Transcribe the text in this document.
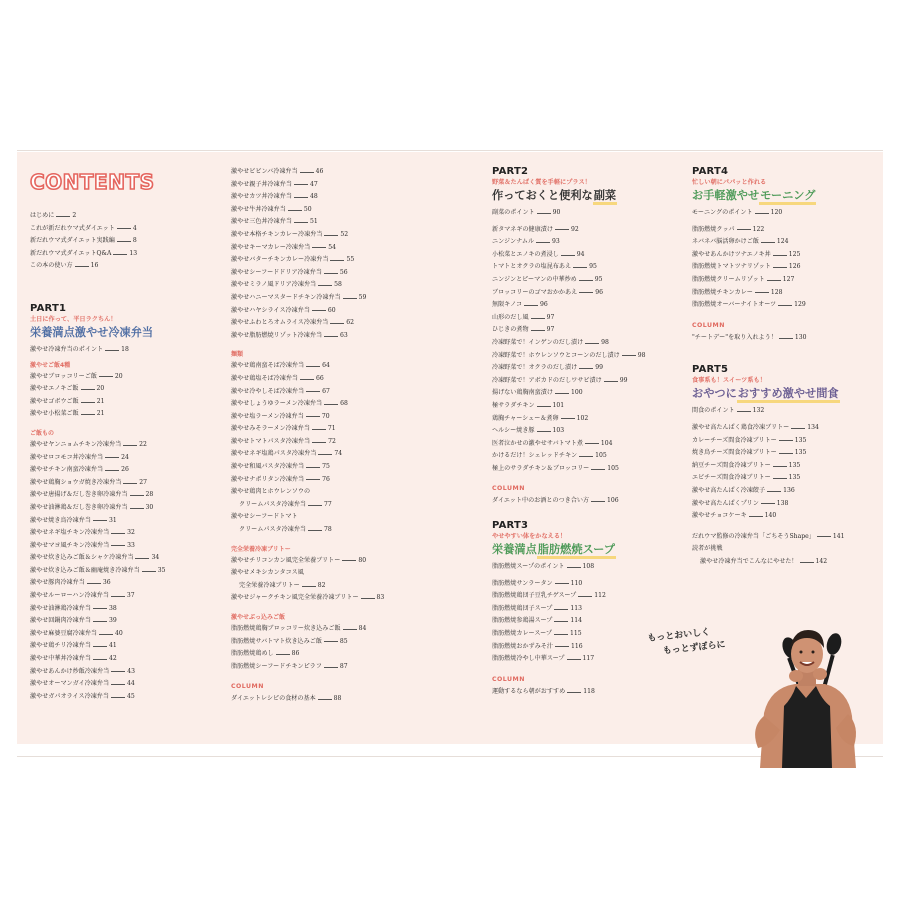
CONTENTS
はじめに	2
これが新だれウマ式ダイエット	4
新だれウマ式ダイエット実践編	8
新だれウマ式ダイエットQ&A	13
この本の使い方	16
PART1
土日に作って、平日ラクちん！
栄養満点激やせ冷凍弁当
激やせ冷凍弁当のポイント	18
激やせご飯4種
激やせブロッコリーご飯	20
激やせエノキご飯	20
激やせゴボウご飯	21
激やせ小松菜ご飯	21
ご飯もの
激やせヤンニョムチキン冷凍弁当	22
激やせロコモコ丼冷凍弁当	24
激やせチキン南蛮冷凍弁当	26
激やせ鶏胸ショウガ焼き冷凍弁当	27
激やせ唐揚げ＆だし巻き卵冷凍弁当	28
激やせ油淋鶏＆だし巻き卵冷凍弁当	30
激やせ焼き鳥冷凍弁当	31
激やせネギ塩チキン冷凍弁当	32
激やせマヨ風チキン冷凍弁当	33
激やせ炊き込みご飯＆シャケ冷凍弁当	34
激やせ炊き込みご飯＆幽庵焼き冷凍弁当	35
激やせ豚肉冷凍弁当	36
激やせルーローハン冷凍弁当	37
激やせ油淋鶏冷凍弁当	38
激やせ回鍋肉冷凍弁当	39
激やせ麻婆豆腐冷凍弁当	40
激やせ鶏チリ冷凍弁当	41
激やせ中華丼冷凍弁当	42
激やせあんかけ炒飯冷凍弁当	43
激やせオーマンガイ冷凍弁当	44
激やせガパオライス冷凍弁当	45
激やせビビンバ冷凍弁当	46
激やせ親子丼冷凍弁当	47
激やせカツ丼冷凍弁当	48
激やせ牛丼冷凍弁当	50
激やせ三色丼冷凍弁当	51
激やせ本格チキンカレー冷凍弁当	52
激やせキーマカレー冷凍弁当	54
激やせバターチキンカレー冷凍弁当	55
激やせシーフードドリア冷凍弁当	56
激やせミラノ風ドリア冷凍弁当	58
激やせハニーマスタードチキン冷凍弁当	59
激やせハヤシライス冷凍弁当	60
激やせふわとろオムライス冷凍弁当	62
激やせ脂肪燃焼リゾット冷凍弁当	63
麺類
激やせ鶏南蛮そば冷凍弁当	64
激やせ鶏塩そば冷凍弁当	66
激やせ冷やしそば冷凍弁当	67
激やせしょうゆラーメン冷凍弁当	68
激やせ塩ラーメン冷凍弁当	70
激やせみそラーメン冷凍弁当	71
激やせトマトパスタ冷凍弁当	72
激やせネギ塩鶏パスタ冷凍弁当	74
激やせ和風パスタ冷凍弁当	75
激やせナポリタン冷凍弁当	76
激やせ鶏肉とホウレンソウの
クリームパスタ冷凍弁当	77
激やせシーフードトマト
クリームパスタ冷凍弁当	78
完全栄養冷凍ブリトー
激やせチリコンカン風完全栄養ブリトー	80
激やせメキシカンタコス風
完全栄養冷凍ブリトー	82
激やせジャークチキン風完全栄養冷凍ブリトー	83
激やせぶっ込みご飯
脂肪燃焼鶏胸ブロッコリー炊き込みご飯	84
脂肪燃焼サバトマト炊き込みご飯	85
脂肪燃焼鶏めし	86
脂肪燃焼シーフードチキンピラフ	87
COLUMN
ダイエットレシピの食材の基本	88
PART2
野菜＆たんぱく質を手軽にプラス！
作っておくと便利な副菜
副菜のポイント	90
新タマネギの健康漬け	92
ニンジンナムル	93
小松菜とエノキの煮浸し	94
トマトとオクラの塩昆布あえ	95
ニンジンとピーマンの中華炒め	95
ブロッコリーのゴマおかかあえ	96
無限キノコ	96
山形のだし風	97
ひじきの煮物	97
冷凍野菜で！インゲンのだし漬け	98
冷凍野菜で！ホウレンソウとコーンのだし漬け	98
冷凍野菜で！オクラのだし漬け	99
冷凍野菜で！アボカドのだしワサビ漬け	99
揚げない鶏胸南蛮漬け	100
極サラダチキン	101
鶏胸チャーシュー＆煮卵	102
ヘルシー焼き豚	103
医者泣かせの激やせサバトマト煮	104
かけるだけ！シェレッドチキン	105
極上のサラダチキン＆ブロッコリー	105
COLUMN
ダイエット中のお酒とのつき合い方	106
PART3
やせやすい体をかなえる！
栄養満点脂肪燃焼スープ
脂肪燃焼スープのポイント	108
脂肪燃焼サンラータン	110
脂肪燃焼鶏団子豆乳チゲスープ	112
脂肪燃焼鶏団子スープ	113
脂肪燃焼参鶏湯スープ	114
脂肪燃焼カレースープ	115
脂肪燃焼おかずみそ汁	116
脂肪燃焼冷やし中華スープ	117
COLUMN
運動するなら朝がおすすめ	118
PART4
忙しい朝にパパッと作れる
お手軽激やせモーニング
モーニングのポイント	120
脂肪燃焼クッパ	122
ネバネバ脳活卵かけご飯	124
激やせあんかけツナエノキ丼	125
脂肪燃焼トマトツナリゾット	126
脂肪燃焼クリームリゾット	127
脂肪燃焼チキンカレー	128
脂肪燃焼オーバーナイトオーツ	129
COLUMN
"チートデー"を取り入れよう！	130
PART5
食事系も！スイーツ系も！
おやつにおすすめ激やせ間食
間食のポイント	132
激やせ高たんぱく鶏食冷凍ブリトー	134
カレーチーズ間食冷凍ブリトー	135
焼き鳥チーズ間食冷凍ブリトー	135
納豆チーズ間食冷凍ブリトー	135
エビチーズ間食冷凍ブリトー	135
激やせ高たんぱく冷凍餃子	136
激やせ高たんぱくプリン	138
激やせチョコケーキ	140
だれウマ監修の冷凍弁当「ごちそうShape」	141
読者が挑戦
激やせ冷凍弁当でこんなにやせた！	142
もっとおいしく
もっとずぼらに
